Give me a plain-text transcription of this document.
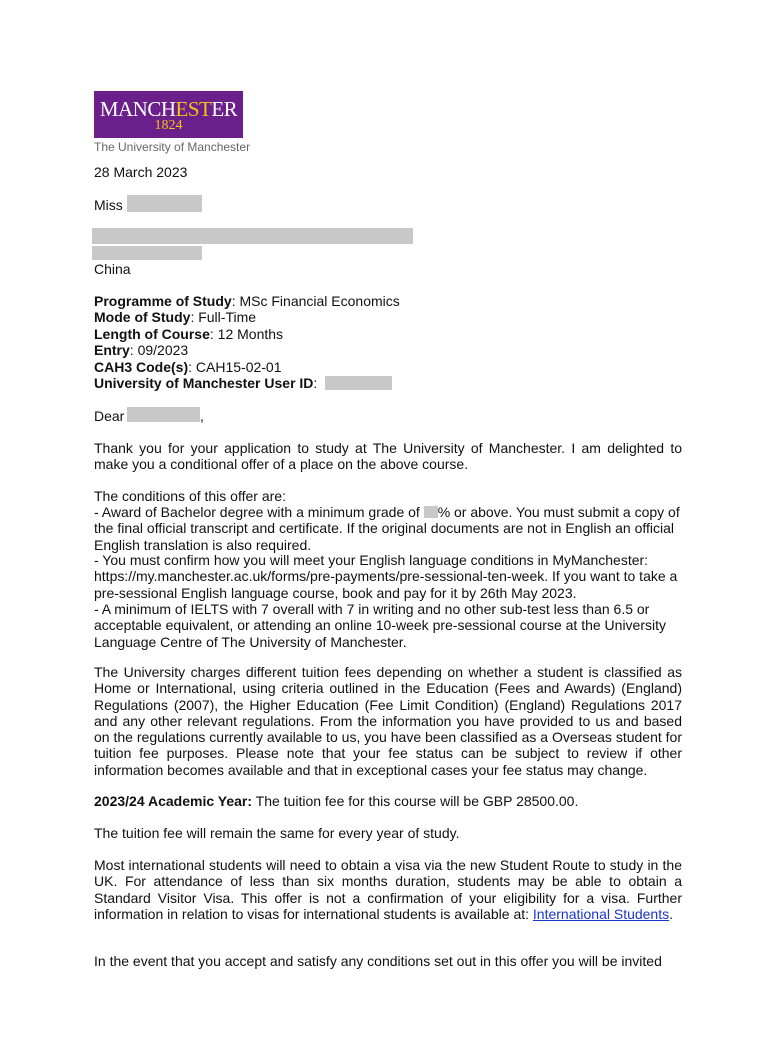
MANCHESTER
1824
The University of Manchester
28 March 2023
Miss
China
Programme of Study: MSc Financial Economics
Mode of Study: Full-Time
Length of Course: 12 Months
Entry: 09/2023
CAH3 Code(s): CAH15-02-01
University of Manchester User ID:
Dear	,
Thank you for your application to study at The University of Manchester. I am delighted to make you a conditional offer of a place on the above course.
The conditions of this offer are:
- Award of Bachelor degree with a minimum grade of % or above. You must submit a copy of the final official transcript and certificate. If the original documents are not in English an official English translation is also required.
- You must confirm how you will meet your English language conditions in MyManchester: https://my.manchester.ac.uk/forms/pre-payments/pre-sessional-ten-week. If you want to take a pre-sessional English language course, book and pay for it by 26th May 2023.
- A minimum of IELTS with 7 overall with 7 in writing and no other sub-test less than 6.5 or acceptable equivalent, or attending an online 10-week pre-sessional course at the University Language Centre of The University of Manchester.
The University charges different tuition fees depending on whether a student is classified as Home or International, using criteria outlined in the Education (Fees and Awards) (England) Regulations (2007), the Higher Education (Fee Limit Condition) (England) Regulations 2017 and any other relevant regulations. From the information you have provided to us and based on the regulations currently available to us, you have been classified as a Overseas student for tuition fee purposes. Please note that your fee status can be subject to review if other information becomes available and that in exceptional cases your fee status may change.
2023/24 Academic Year: The tuition fee for this course will be GBP 28500.00.
The tuition fee will remain the same for every year of study.
Most international students will need to obtain a visa via the new Student Route to study in the UK. For attendance of less than six months duration, students may be able to obtain a Standard Visitor Visa. This offer is not a confirmation of your eligibility for a visa. Further information in relation to visas for international students is available at: International Students.
In the event that you accept and satisfy any conditions set out in this offer you will be invited
